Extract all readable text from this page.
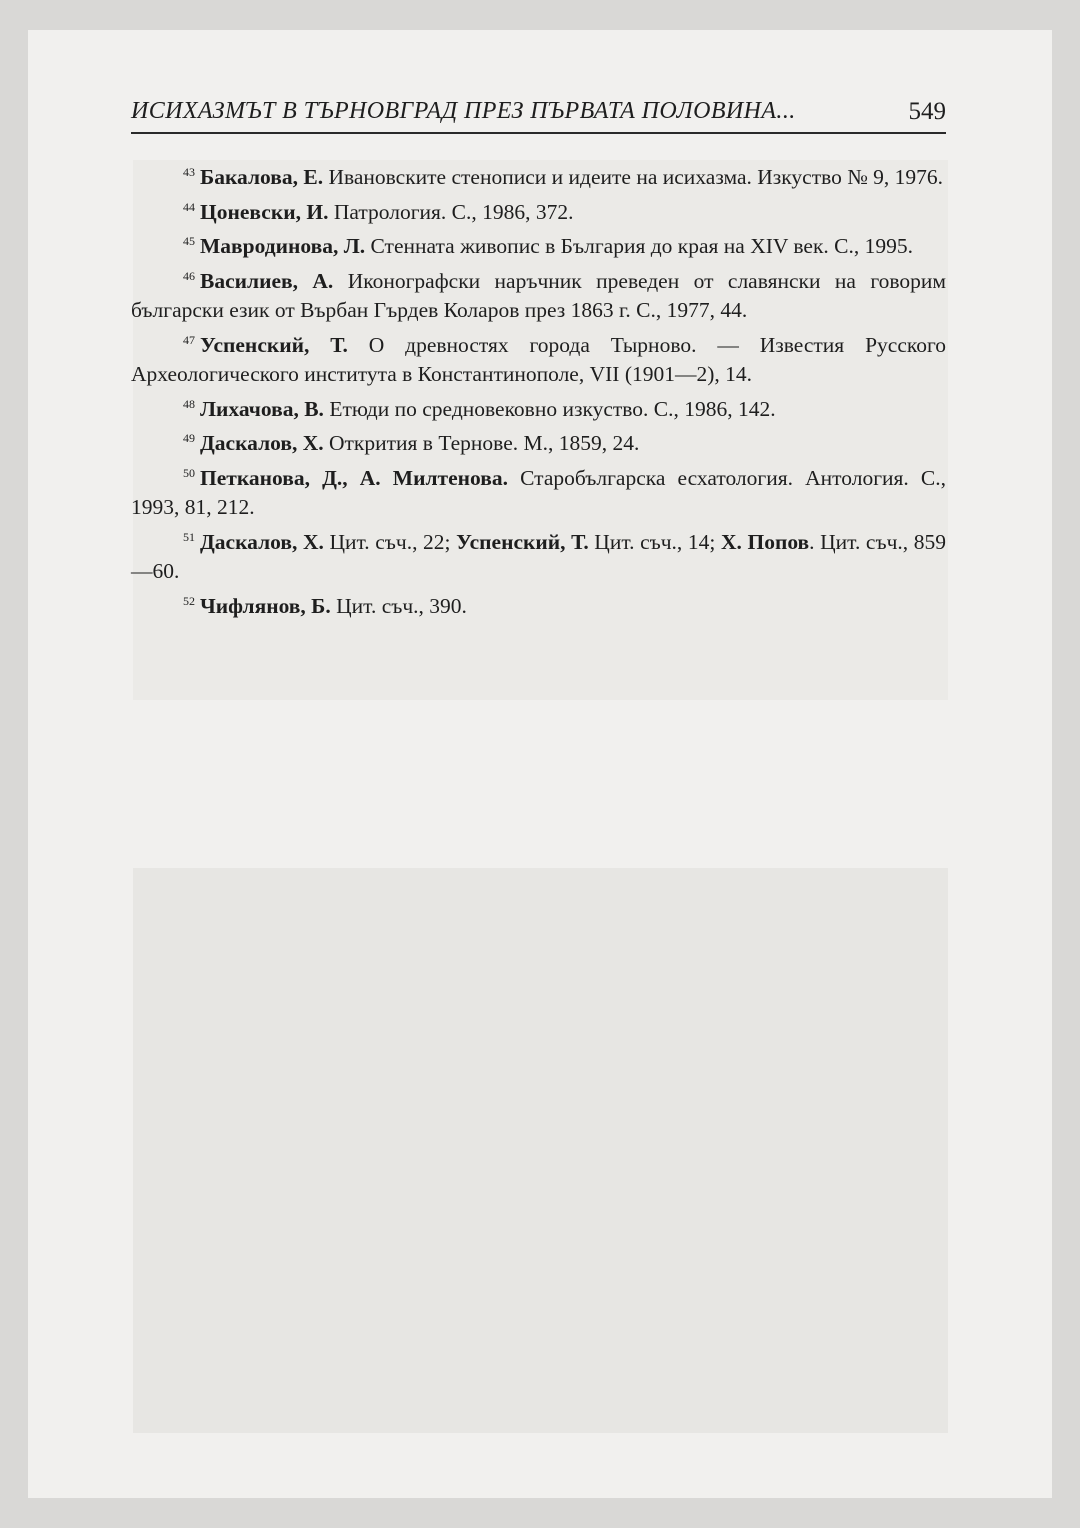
ИСИХАЗМЪТ В ТЪРНОВГРАД ПРЕЗ ПЪРВАТА ПОЛОВИНА...	549

$^{43}$ Бакалова, Е. Ивановските стенописи и идеите на исихазма. Изкуство № 9, 1976.

$^{44}$ Цоневски, И. Патрология. С., 1986, 372.

$^{45}$ Мавродинова, Л. Стенната живопис в България до края на XIV век. С., 1995.

$^{46}$ Василиев, А. Иконографски наръчник преведен от славянски на говорим български език от Върбан Гърдев Коларов през 1863 г. С., 1977, 44.

$^{47}$ Успенский, Т. О древностях города Тырново. — Известия Русского Археологического института в Константинополе, VII (1901—2), 14.

$^{48}$ Лихачова, В. Етюди по средновековно изкуство. С., 1986, 142.

$^{49}$ Даскалов, Х. Открития в Тернове. М., 1859, 24.

$^{50}$ Петканова, Д., А. Милтенова. Старобългарска есхатология. Антология. С., 1993, 81, 212.

$^{51}$ Даскалов, Х. Цит. съч., 22; Успенский, Т. Цит. съч., 14; Х. Попов. Цит. съч., 859—60.

$^{52}$ Чифлянов, Б. Цит. съч., 390.
